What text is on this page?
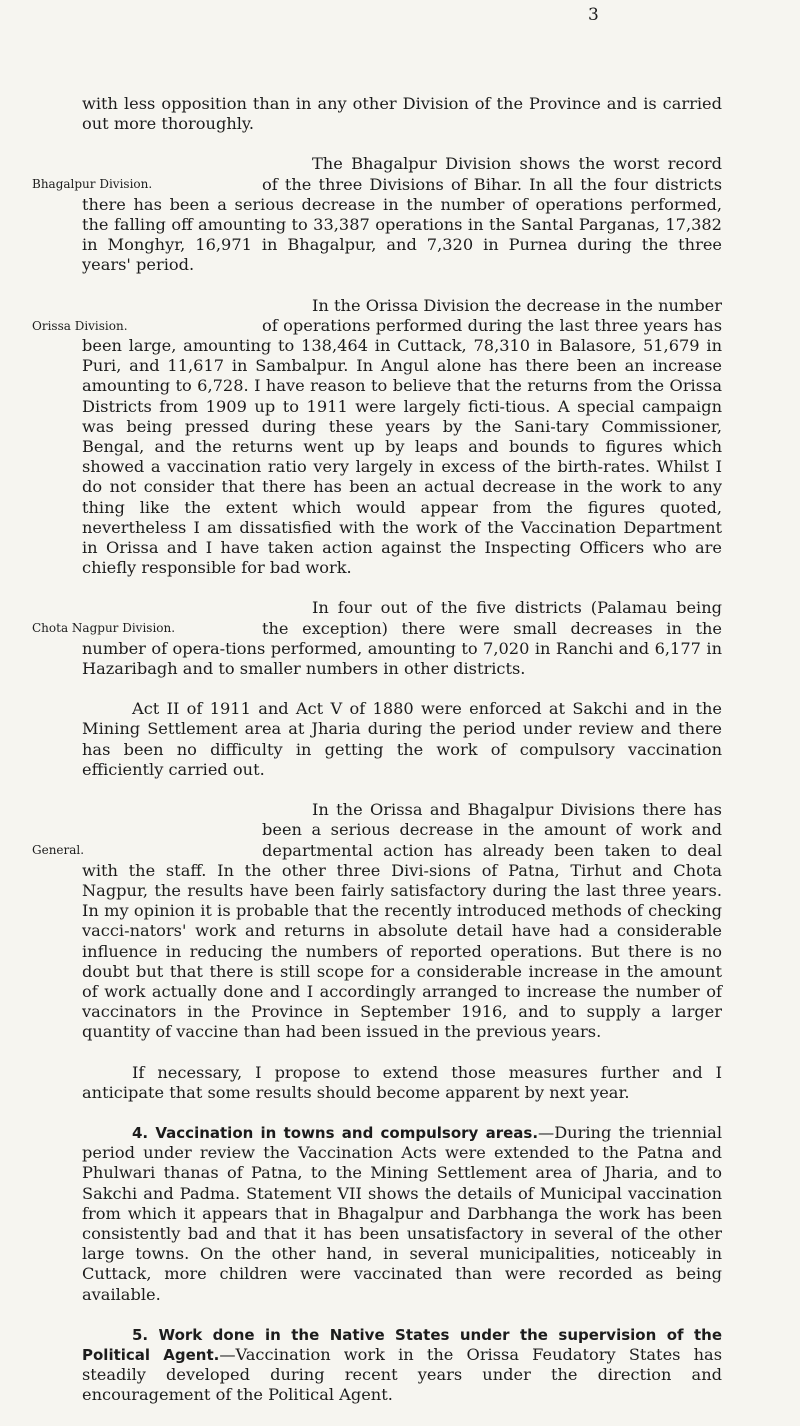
3

with less opposition than in any other Division of the Province and is carried out more thoroughly.

Bhagalpur Division.
The Bhagalpur Division shows the worst record of the three Divisions of Bihar. In all the four districts there has been a serious decrease in the number of operations performed, the falling off amounting to 33,387 operations in the Santal Parganas, 17,382 in Monghyr, 16,971 in Bhagalpur, and 7,320 in Purnea during the three years' period.

Orissa Division.
In the Orissa Division the decrease in the number of operations performed during the last three years has been large, amounting to 138,464 in Cuttack, 78,310 in Balasore, 51,679 in Puri, and 11,617 in Sambalpur. In Angul alone has there been an increase amounting to 6,728. I have reason to believe that the returns from the Orissa Districts from 1909 up to 1911 were largely ficti-tious. A special campaign was being pressed during these years by the Sani-tary Commissioner, Bengal, and the returns went up by leaps and bounds to figures which showed a vaccination ratio very largely in excess of the birth-rates. Whilst I do not consider that there has been an actual decrease in the work to any thing like the extent which would appear from the figures quoted, nevertheless I am dissatisfied with the work of the Vaccination Department in Orissa and I have taken action against the Inspecting Officers who are chiefly responsible for bad work.

Chota Nagpur Division.
In four out of the five districts (Palamau being the exception) there were small decreases in the number of opera-tions performed, amounting to 7,020 in Ranchi and 6,177 in Hazaribagh and to smaller numbers in other districts.

Act II of 1911 and Act V of 1880 were enforced at Sakchi and in the Mining Settlement area at Jharia during the period under review and there has been no difficulty in getting the work of compulsory vaccination efficiently carried out.

General.
In the Orissa and Bhagalpur Divisions there has been a serious decrease in the amount of work and departmental action has already been taken to deal with the staff. In the other three Divi-sions of Patna, Tirhut and Chota Nagpur, the results have been fairly satisfactory during the last three years. In my opinion it is probable that the recently introduced methods of checking vacci-nators' work and returns in absolute detail have had a considerable influence in reducing the numbers of reported operations. But there is no doubt but that there is still scope for a considerable increase in the amount of work actually done and I accordingly arranged to increase the number of vaccinators in the Province in September 1916, and to supply a larger quantity of vaccine than had been issued in the previous years.

If necessary, I propose to extend those measures further and I anticipate that some results should become apparent by next year.

4. Vaccination in towns and compulsory areas.—During the triennial period under review the Vaccination Acts were extended to the Patna and Phulwari thanas of Patna, to the Mining Settlement area of Jharia, and to Sakchi and Padma. Statement VII shows the details of Municipal vaccination from which it appears that in Bhagalpur and Darbhanga the work has been consistently bad and that it has been unsatisfactory in several of the other large towns. On the other hand, in several municipalities, noticeably in Cuttack, more children were vaccinated than were recorded as being available.

5. Work done in the Native States under the supervision of the Political Agent.—Vaccination work in the Orissa Feudatory States has steadily developed during recent years under the direction and encouragement of the Political Agent.
